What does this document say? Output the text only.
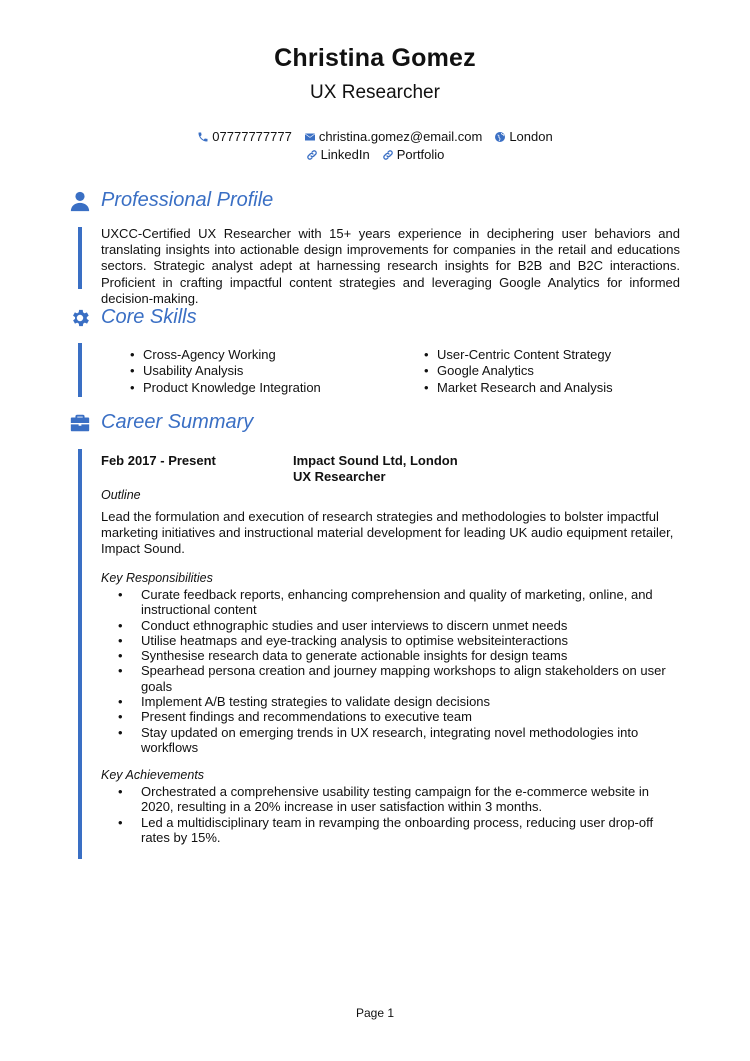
Christina Gomez
UX Researcher
07777777777 christina.gomez@email.com London
LinkedIn Portfolio
Professional Profile
UXCC-Certified UX Researcher with 15+ years experience in deciphering user behaviors and translating insights into actionable design improvements for companies in the retail and educations sectors. Strategic analyst adept at harnessing research insights for B2B and B2C interactions. Proficient in crafting impactful content strategies and leveraging Google Analytics for informed decision-making.
Core Skills
• Cross-Agency Working	• User-Centric Content Strategy
• Usability Analysis	• Google Analytics
• Product Knowledge Integration	• Market Research and Analysis
Career Summary
Feb 2017 - Present	Impact Sound Ltd, London
UX Researcher
Outline
Lead the formulation and execution of research strategies and methodologies to bolster impactful marketing initiatives and instructional material development for leading UK audio equipment retailer, Impact Sound.
Key Responsibilities
• Curate feedback reports, enhancing comprehension and quality of marketing, online, and instructional content
• Conduct ethnographic studies and user interviews to discern unmet needs
• Utilise heatmaps and eye-tracking analysis to optimise websiteinteractions
• Synthesise research data to generate actionable insights for design teams
• Spearhead persona creation and journey mapping workshops to align stakeholders on user goals
• Implement A/B testing strategies to validate design decisions
• Present findings and recommendations to executive team
• Stay updated on emerging trends in UX research, integrating novel methodologies into workflows
Key Achievements
• Orchestrated a comprehensive usability testing campaign for the e-commerce website in 2020, resulting in a 20% increase in user satisfaction within 3 months.
• Led a multidisciplinary team in revamping the onboarding process, reducing user drop-off rates by 15%.
Page 1
